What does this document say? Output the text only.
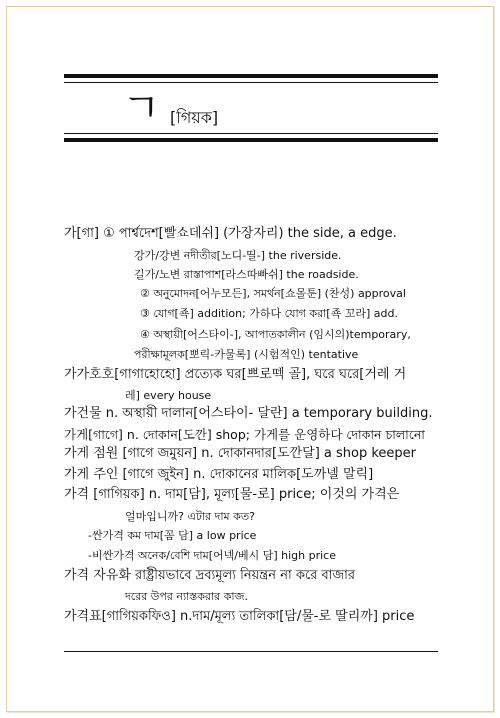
ㄱ [গিয়ক]
가[গা] ① পার্শ্বদেশ[빨쇼데쉬] (가장자리) the side, a edge.
강가/강변 নদীতীর[노디-띨-] the riverside.
길가/노변 রাস্তাপাশ[라스따빠쉬] the roadside.
② অনুমোদন[어누모든], সমর্থন[쇼몰툰] (찬성) approval
③ যোগ[죡] addition; 가하다 যোগ করা[죡 꼬라] add.
④ অস্থায়ী[어스타이-], আপাতকালীন (임시의)temporary,
পরীক্ষামূলক[뽀릭-카물록] (시험적인) tentative
가가호호[গাগাহোহো] প্রত্যেক ঘর[쁘로떽 골], ঘরে ঘরে[거레 거
레] every house
가건물 n. অস্থায়ী দালান[어스타이- 달란] a temporary building.
가게[গাগে] n. দোকান[도깐] shop; 가게를 운영하다 দোকান চালানো
가게 점원 [গাগে জমুয়ন] n. দোকানদার[도깐달] a shop keeper
가게 주인 [গাগে জুইন] n. দোকানের মালিক[도까넬 말릭]
가격 [গাগিয়ক] n. দাম[담], মূল্য[물-로] price; 이것의 가격은
얼마입니까? এটার দাম কত?
-싼가격 কম দাম[꼼 담] a low price
-비싼가격 অনেক/বেশি দাম[어넥/베시 담] high price
가격 자유화 রাষ্ট্রীয়ভাবে দ্রব্যমূল্য নিয়ন্ত্রন না করে বাজার
দরের উপর ন্যাস্তকরার কাজ.
가격표[গাগিয়কফিও] n.দাম/মূল্য তালিকা[담/물-로 딸리까] price
